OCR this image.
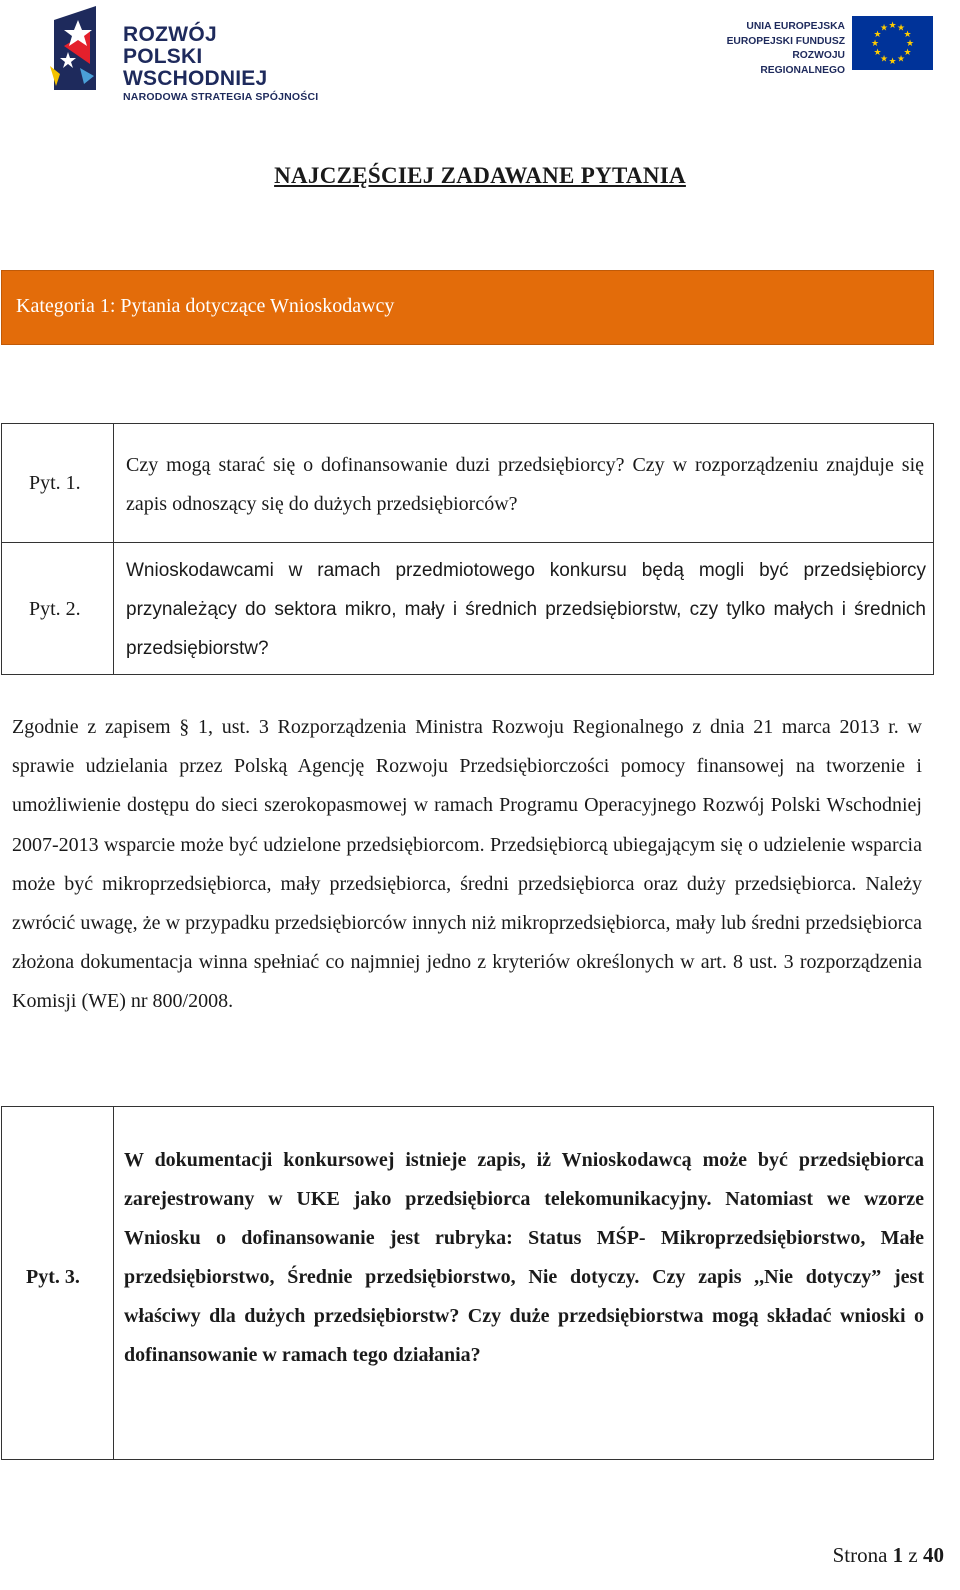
ROZWÓJ
POLSKI WSCHODNIEJ
NARODOWA STRATEGIA SPÓJNOŚCI
UNIA EUROPEJSKA
EUROPEJSKI FUNDUSZ
ROZWOJU REGIONALNEGO
★ ★
★
★
★
★
★
★
★
★
★
★
NAJCZĘŚCIEJ ZADAWANE PYTANIA
Kategoria 1: Pytania dotyczące Wnioskodawcy
Pyt. 1.
Czy mogą starać się o dofinansowanie duzi przedsiębiorcy? Czy w rozporządzeniu znajduje się zapis odnoszący się do dużych przedsiębiorców?
Pyt. 2.
Wnioskodawcami w ramach przedmiotowego konkursu będą mogli być przedsiębiorcy przynależący do sektora mikro, mały i średnich przedsiębiorstw, czy tylko małych i średnich przedsiębiorstw?
Zgodnie z zapisem § 1, ust. 3 Rozporządzenia Ministra Rozwoju Regionalnego z dnia 21 marca 2013 r. w sprawie udzielania przez Polską Agencję Rozwoju Przedsiębiorczości pomocy finansowej na tworzenie i umożliwienie dostępu do sieci szerokopasmowej w ramach Programu Operacyjnego Rozwój Polski Wschodniej 2007-2013 wsparcie może być udzielone przedsiębiorcom. Przedsiębiorcą ubiegającym się o udzielenie wsparcia może być mikroprzedsiębiorca, mały przedsiębiorca, średni przedsiębiorca oraz duży przedsiębiorca. Należy zwrócić uwagę, że w przypadku przedsiębiorców innych niż mikroprzedsiębiorca, mały lub średni przedsiębiorca złożona dokumentacja winna spełniać co najmniej jedno z kryteriów określonych w art. 8 ust. 3 rozporządzenia Komisji (WE) nr 800/2008.
Pyt. 3.
W dokumentacji konkursowej istnieje zapis, iż Wnioskodawcą może być przedsiębiorca zarejestrowany w UKE jako przedsiębiorca telekomunikacyjny. Natomiast we wzorze Wniosku o dofinansowanie jest rubryka: Status MŚP- Mikroprzedsiębiorstwo, Małe przedsiębiorstwo, Średnie przedsiębiorstwo, Nie dotyczy. Czy zapis ,,Nie dotyczy” jest właściwy dla dużych przedsiębiorstw? Czy duże przedsiębiorstwa mogą składać wnioski o dofinansowanie w ramach tego działania?
Strona 1 z 40
